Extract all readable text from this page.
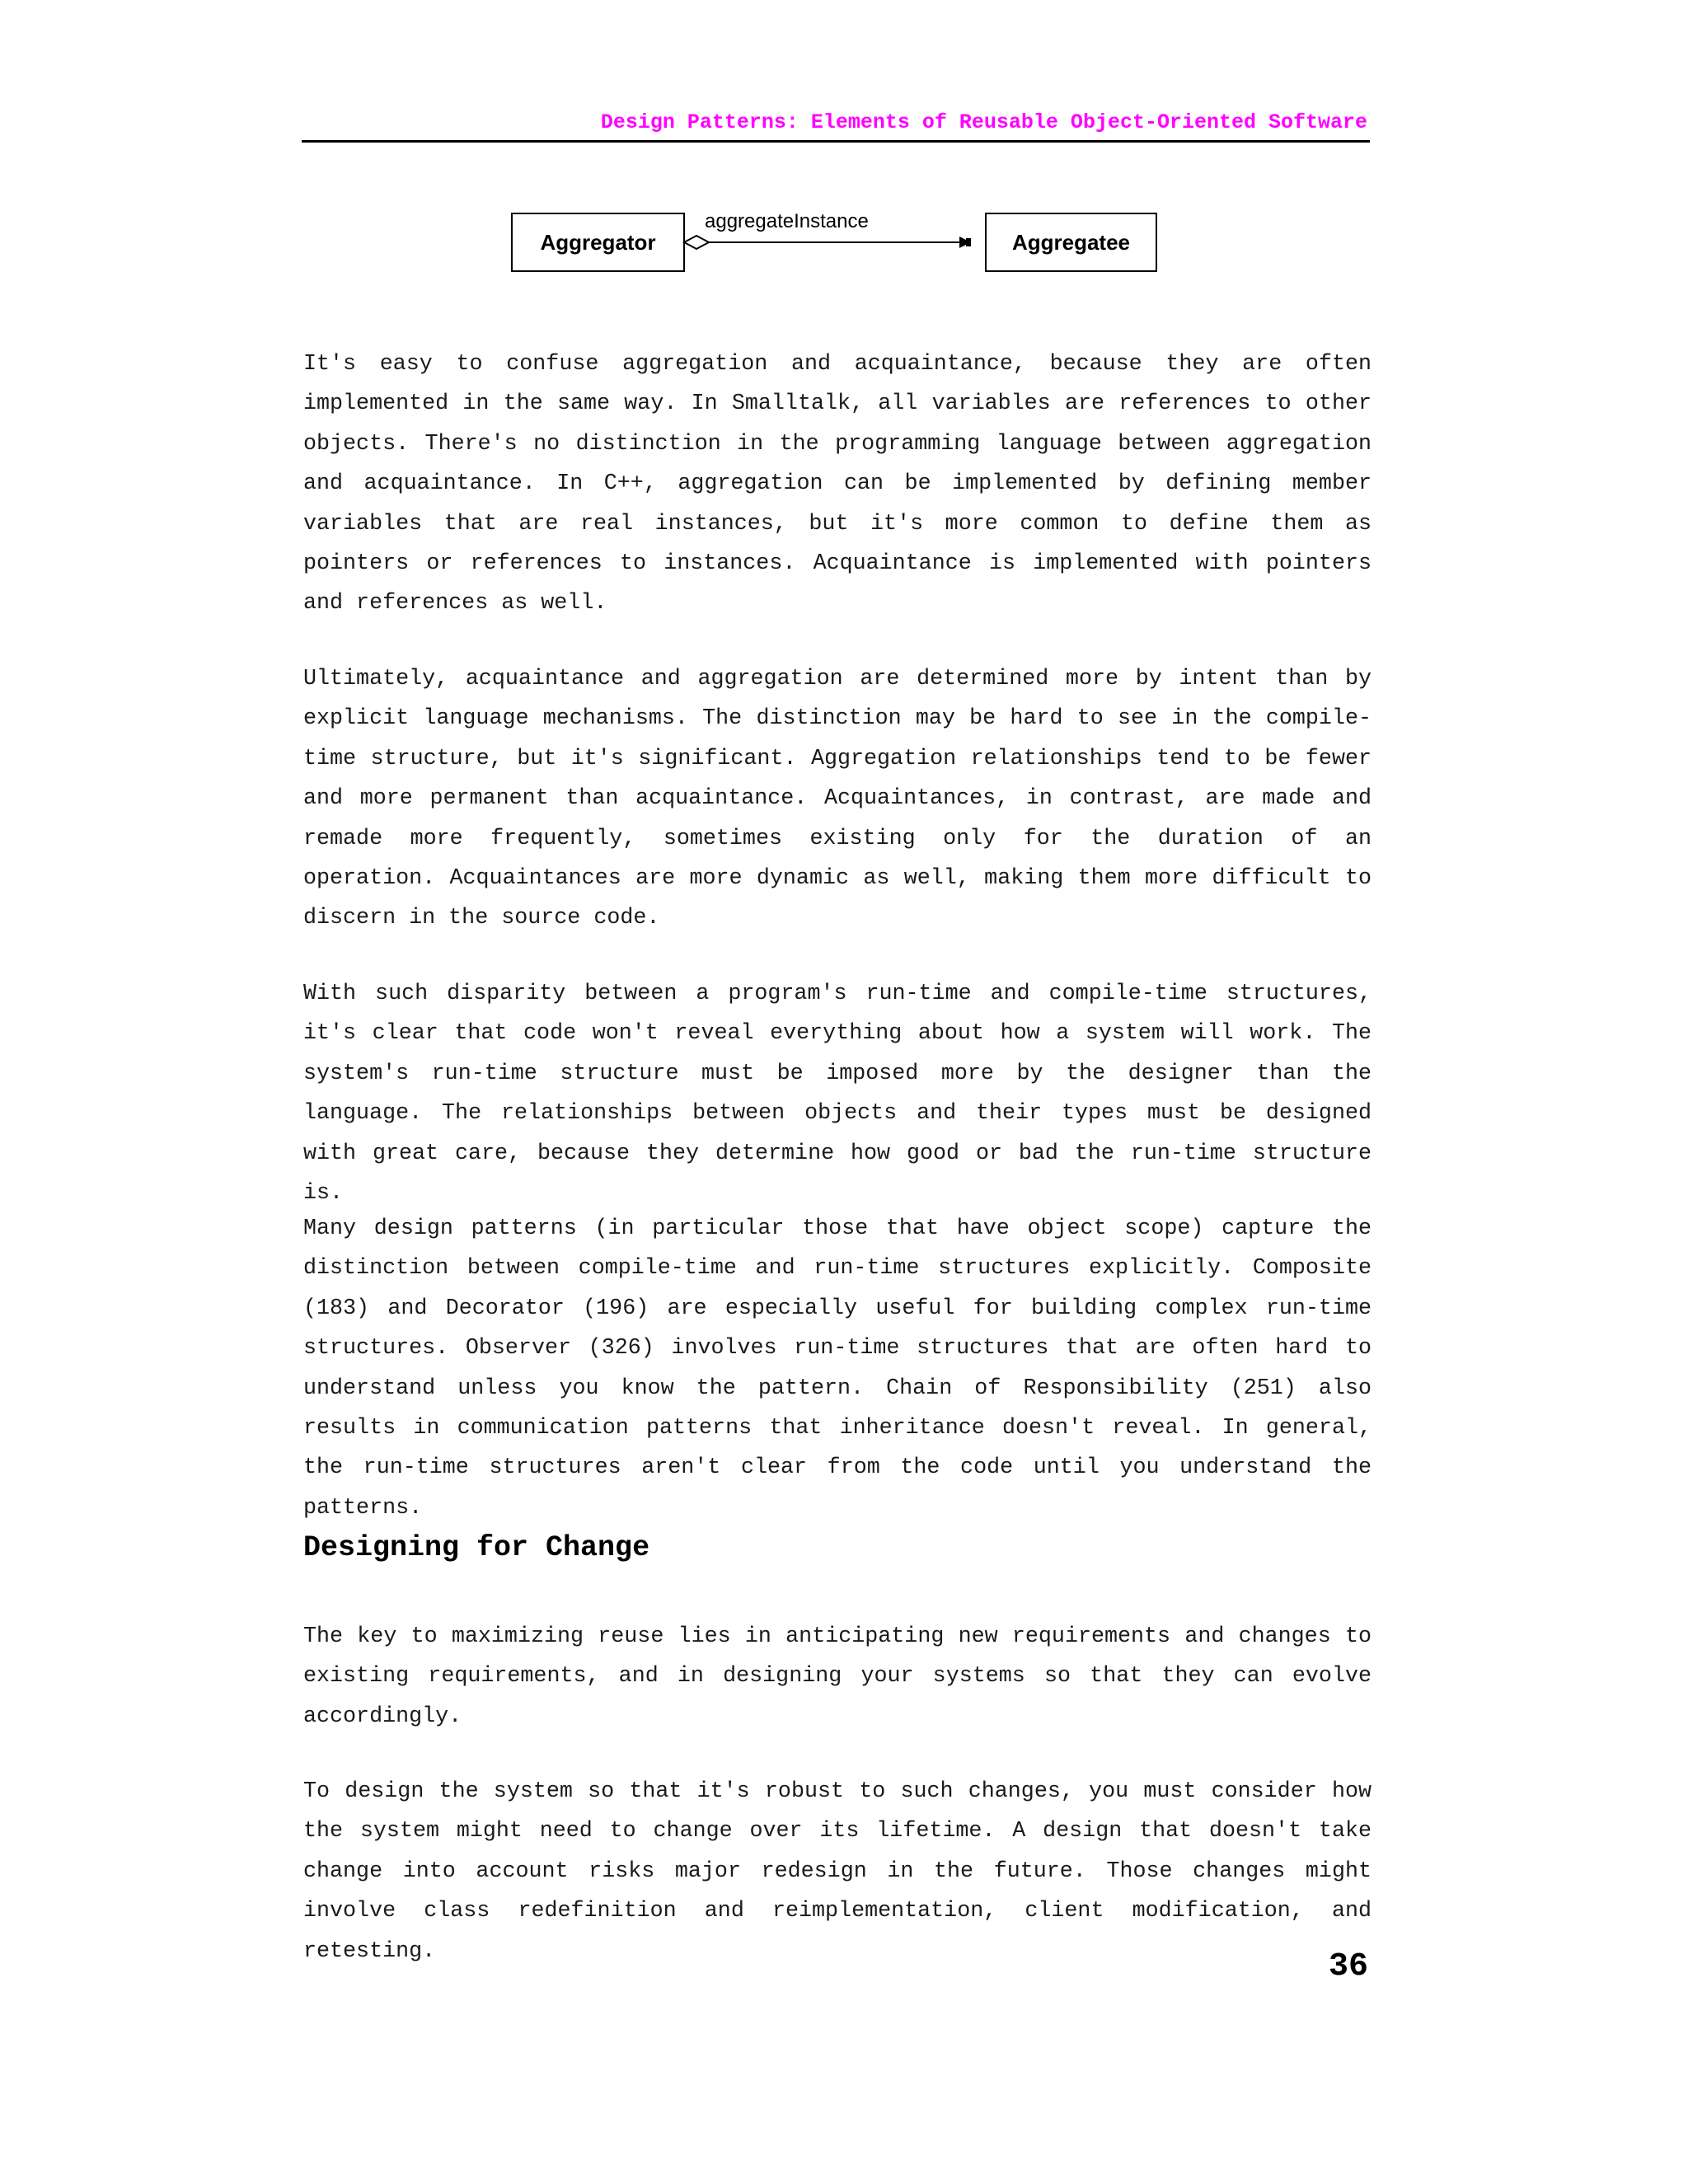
Design Patterns: Elements of Reusable Object-Oriented Software
Aggregator
aggregateInstance
Aggregatee

It's easy to confuse aggregation and acquaintance, because they are often implemented in the same way. In Smalltalk, all variables are references to other objects. There's no distinction in the programming language between aggregation and acquaintance. In C++, aggregation can be implemented by defining member variables that are real instances, but it's more common to define them as pointers or references to instances. Acquaintance is implemented with pointers and references as well.

Ultimately, acquaintance and aggregation are determined more by intent than by explicit language mechanisms. The distinction may be hard to see in the compile-time structure, but it's significant. Aggregation relationships tend to be fewer and more permanent than acquaintance. Acquaintances, in contrast, are made and remade more frequently, sometimes existing only for the duration of an operation. Acquaintances are more dynamic as well, making them more difficult to discern in the source code.

With such disparity between a program's run-time and compile-time structures, it's clear that code won't reveal everything about how a system will work. The system's run-time structure must be imposed more by the designer than the language. The relationships between objects and their types must be designed with great care, because they determine how good or bad the run-time structure is.

Many design patterns (in particular those that have object scope) capture the distinction between compile-time and run-time structures explicitly. Composite (183) and Decorator (196) are especially useful for building complex run-time structures. Observer (326) involves run-time structures that are often hard to understand unless you know the pattern. Chain of Responsibility (251) also results in communication patterns that inheritance doesn't reveal. In general, the run-time structures aren't clear from the code until you understand the patterns.

Designing for Change

The key to maximizing reuse lies in anticipating new requirements and changes to existing requirements, and in designing your systems so that they can evolve accordingly.

To design the system so that it's robust to such changes, you must consider how the system might need to change over its lifetime. A design that doesn't take change into account risks major redesign in the future. Those changes might involve class redefinition and reimplementation, client modification, and retesting.	36
